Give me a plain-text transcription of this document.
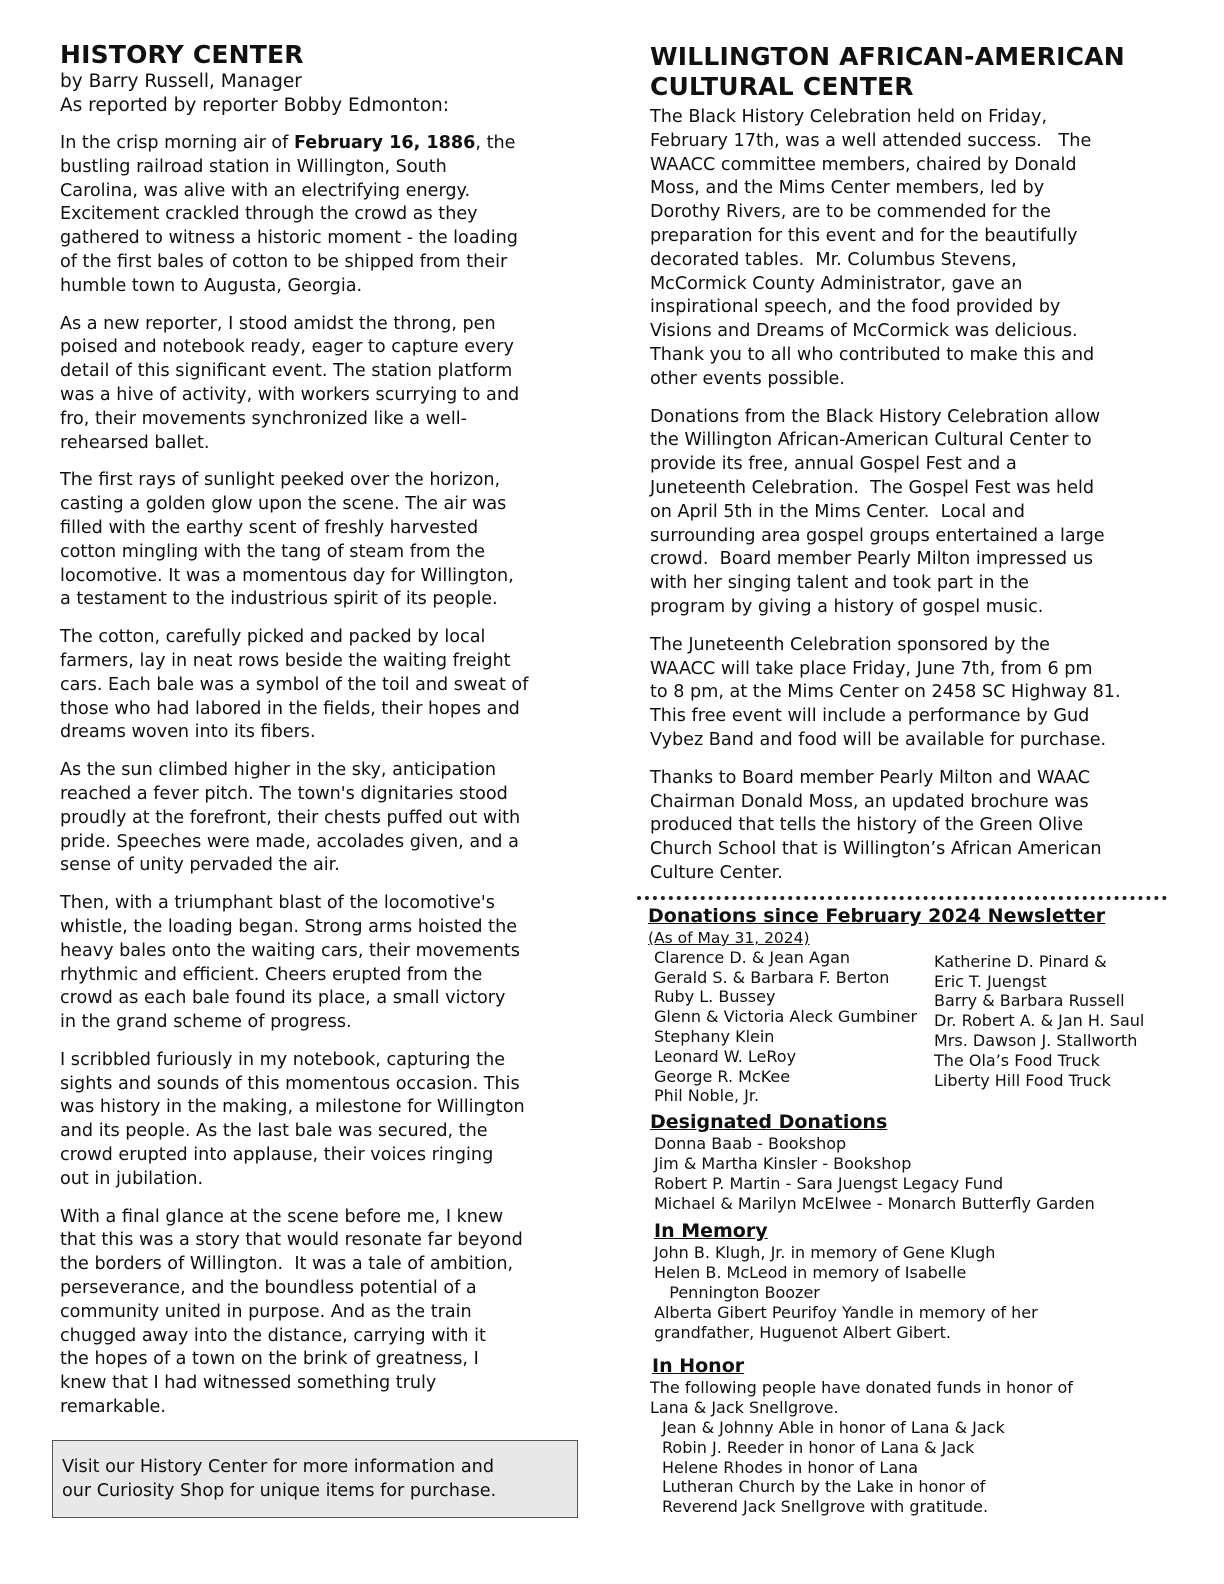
HISTORY CENTER
by Barry Russell, Manager
As reported by reporter Bobby Edmonton:
In the crisp morning air of February 16, 1886, the
bustling railroad station in Willington, South
Carolina, was alive with an electrifying energy.
Excitement crackled through the crowd as they
gathered to witness a historic moment - the loading
of the first bales of cotton to be shipped from their
humble town to Augusta, Georgia.
As a new reporter, I stood amidst the throng, pen
poised and notebook ready, eager to capture every
detail of this significant event. The station platform
was a hive of activity, with workers scurrying to and
fro, their movements synchronized like a well-
rehearsed ballet.
The first rays of sunlight peeked over the horizon,
casting a golden glow upon the scene. The air was
filled with the earthy scent of freshly harvested
cotton mingling with the tang of steam from the
locomotive. It was a momentous day for Willington,
a testament to the industrious spirit of its people.
The cotton, carefully picked and packed by local
farmers, lay in neat rows beside the waiting freight
cars. Each bale was a symbol of the toil and sweat of
those who had labored in the fields, their hopes and
dreams woven into its fibers.
As the sun climbed higher in the sky, anticipation
reached a fever pitch. The town's dignitaries stood
proudly at the forefront, their chests puffed out with
pride. Speeches were made, accolades given, and a
sense of unity pervaded the air.
Then, with a triumphant blast of the locomotive's
whistle, the loading began. Strong arms hoisted the
heavy bales onto the waiting cars, their movements
rhythmic and efficient. Cheers erupted from the
crowd as each bale found its place, a small victory
in the grand scheme of progress.
I scribbled furiously in my notebook, capturing the
sights and sounds of this momentous occasion. This
was history in the making, a milestone for Willington
and its people. As the last bale was secured, the
crowd erupted into applause, their voices ringing
out in jubilation.
With a final glance at the scene before me, I knew
that this was a story that would resonate far beyond
the borders of Willington.  It was a tale of ambition,
perseverance, and the boundless potential of a
community united in purpose. And as the train
chugged away into the distance, carrying with it
the hopes of a town on the brink of greatness, I
knew that I had witnessed something truly
remarkable.
Visit our History Center for more information and
our Curiosity Shop for unique items for purchase.
WILLINGTON AFRICAN-AMERICAN
CULTURAL CENTER
The Black History Celebration held on Friday,
February 17th, was a well attended success.   The
WAACC committee members, chaired by Donald
Moss, and the Mims Center members, led by
Dorothy Rivers, are to be commended for the
preparation for this event and for the beautifully
decorated tables.  Mr. Columbus Stevens,
McCormick County Administrator, gave an
inspirational speech, and the food provided by
Visions and Dreams of McCormick was delicious.
Thank you to all who contributed to make this and
other events possible.
Donations from the Black History Celebration allow
the Willington African-American Cultural Center to
provide its free, annual Gospel Fest and a
Juneteenth Celebration.  The Gospel Fest was held
on April 5th in the Mims Center.  Local and
surrounding area gospel groups entertained a large
crowd.  Board member Pearly Milton impressed us
with her singing talent and took part in the
program by giving a history of gospel music.
The Juneteenth Celebration sponsored by the
WAACC will take place Friday, June 7th, from 6 pm
to 8 pm, at the Mims Center on 2458 SC Highway 81.
This free event will include a performance by Gud
Vybez Band and food will be available for purchase.
Thanks to Board member Pearly Milton and WAAC
Chairman Donald Moss, an updated brochure was
produced that tells the history of the Green Olive
Church School that is Willington’s African American
Culture Center.
Donations since February 2024 Newsletter
(As of May 31, 2024)
Clarence D. & Jean Agan
Gerald S. & Barbara F. Berton
Ruby L. Bussey
Glenn & Victoria Aleck Gumbiner
Stephany Klein
Leonard W. LeRoy
George R. McKee
Phil Noble, Jr.
Katherine D. Pinard &
Eric T. Juengst
Barry & Barbara Russell
Dr. Robert A. & Jan H. Saul
Mrs. Dawson J. Stallworth
The Ola’s Food Truck
Liberty Hill Food Truck
Designated Donations
Donna Baab - Bookshop
Jim & Martha Kinsler - Bookshop
Robert P. Martin - Sara Juengst Legacy Fund
Michael & Marilyn McElwee - Monarch Butterfly Garden
In Memory
John B. Klugh, Jr. in memory of Gene Klugh
Helen B. McLeod in memory of Isabelle
Pennington Boozer
Alberta Gibert Peurifoy Yandle in memory of her
grandfather, Huguenot Albert Gibert.
In Honor
The following people have donated funds in honor of
Lana & Jack Snellgrove.
Jean & Johnny Able in honor of Lana & Jack
Robin J. Reeder in honor of Lana & Jack
Helene Rhodes in honor of Lana
Lutheran Church by the Lake in honor of
Reverend Jack Snellgrove with gratitude.
